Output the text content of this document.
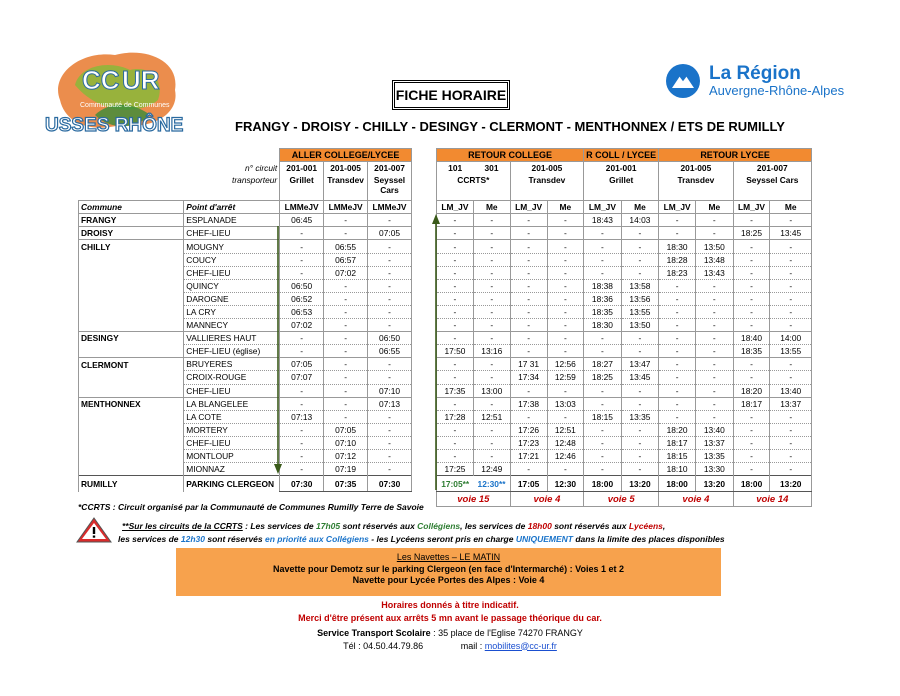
CC UR
Communauté de Communes
USSES RHÔNE
FICHE HORAIRE
La Région
Auvergne-Rhône-Alpes
FRANGY - DROISY - CHILLY - DESINGY - CLERMONT - MENTHONNEX / ETS DE RUMILLY
		ALLER COLLEGE/LYCEE		
	n° circuit	201-001	201-005	201-007
	transporteur	Grillet	Transdev	Seyssel Cars
Commune	Point d'arrêt	LMMeJV	LMMeJV	LMMeJV
FRANGY	ESPLANADE	06:45	-	-
DROISY	CHEF-LIEU	-	-	07:05
CHILLY	MOUGNY	-	06:55	-
	COUCY	-	06:57	-
	CHEF-LIEU	-	07:02	-
	QUINCY	06:50	-	-
	DAROGNE	06:52	-	-
	LA CRY	06:53	-	-
	MANNECY	07:02	-	-
DESINGY	VALLIERES HAUT	-	-	06:50
	CHEF-LIEU (église)	-	-	06:55
CLERMONT	BRUYERES	07:05	-	-
	CROIX-ROUGE	07:07	-	-
	CHEF-LIEU	-	-	07:10
MENTHONNEX	LA BLANGELEE	-	-	07:13
	LA COTE	07:13	-	-
	MORTERY	-	07:05	-
	CHEF-LIEU	-	07:10	-
	MONTLOUP	-	07:12	-
	MIONNAZ	-	07:19	-
RUMILLY	PARKING CLERGEON	07:30	07:35	07:30
RETOUR COLLEGE				R COLL / LYCEE		RETOUR LYCEE			
101	301	201-005		201-001		201-005		201-007	
CCRTS*		Transdev		Grillet		Transdev		Seyssel Cars	
LM_JV	Me	LM_JV	Me	LM_JV	Me	LM_JV	Me	LM_JV	Me
-	-	-	-	18:43	14:03	-	-	-	-
-	-	-	-	-	-	-	-	18:25	13:45
-	-	-	-	-	-	18:30	13:50	-	-
-	-	-	-	-	-	18:28	13:48	-	-
-	-	-	-	-	-	18:23	13:43	-	-
-	-	-	-	18:38	13:58	-	-	-	-
-	-	-	-	18:36	13:56	-	-	-	-
-	-	-	-	18:35	13:55	-	-	-	-
-	-	-	-	18:30	13:50	-	-	-	-
-	-	-	-	-	-	-	-	18:40	14:00
17:50	13:16	-	-	-	-	-	-	18:35	13:55
-	-	17 31	12:56	18:27	13:47	-	-	-	-
-	-	17:34	12:59	18:25	13:45	-	-	-	-
17:35	13:00	-	-	-	-	-	-	18:20	13:40
-	-	17:38	13:03	-	-	-	-	18:17	13:37
17:28	12:51	-	-	18:15	13:35	-	-	-	-
-	-	17:26	12:51	-	-	18:20	13:40	-	-
-	-	17:23	12:48	-	-	18:17	13:37	-	-
-	-	17:21	12:46	-	-	18:15	13:35	-	-
17:25	12:49	-	-	-	-	18:10	13:30	-	-
17:05**	12:30**	17:05	12:30	18:00	13:20	18:00	13:20	18:00	13:20
voie 15		voie 4		voie 5		voie 4		voie 14	
*CCRTS : Circuit organisé par la Communauté de Communes Rumilly Terre de Savoie
**Sur les circuits de la CCRTS : Les services de 17h05 sont réservés aux Collégiens, les services de 18h00 sont réservés aux Lycéens,
les services de 12h30 sont réservés en priorité aux Collégiens - les Lycéens seront pris en charge UNIQUEMENT dans la limite des places disponibles
Les Navettes – LE MATIN
Navette pour Demotz sur le parking Clergeon (en face d'Intermarché) : Voies 1 et 2
Navette pour Lycée Portes des Alpes : Voie 4
Horaires donnés à titre indicatif.
Merci d'être présent aux arrêts 5 mn avant le passage théorique du car.
Service Transport Scolaire : 35 place de l'Eglise 74270 FRANGY
Tél : 04.50.44.79.86	mail : mobilites@cc-ur.fr
